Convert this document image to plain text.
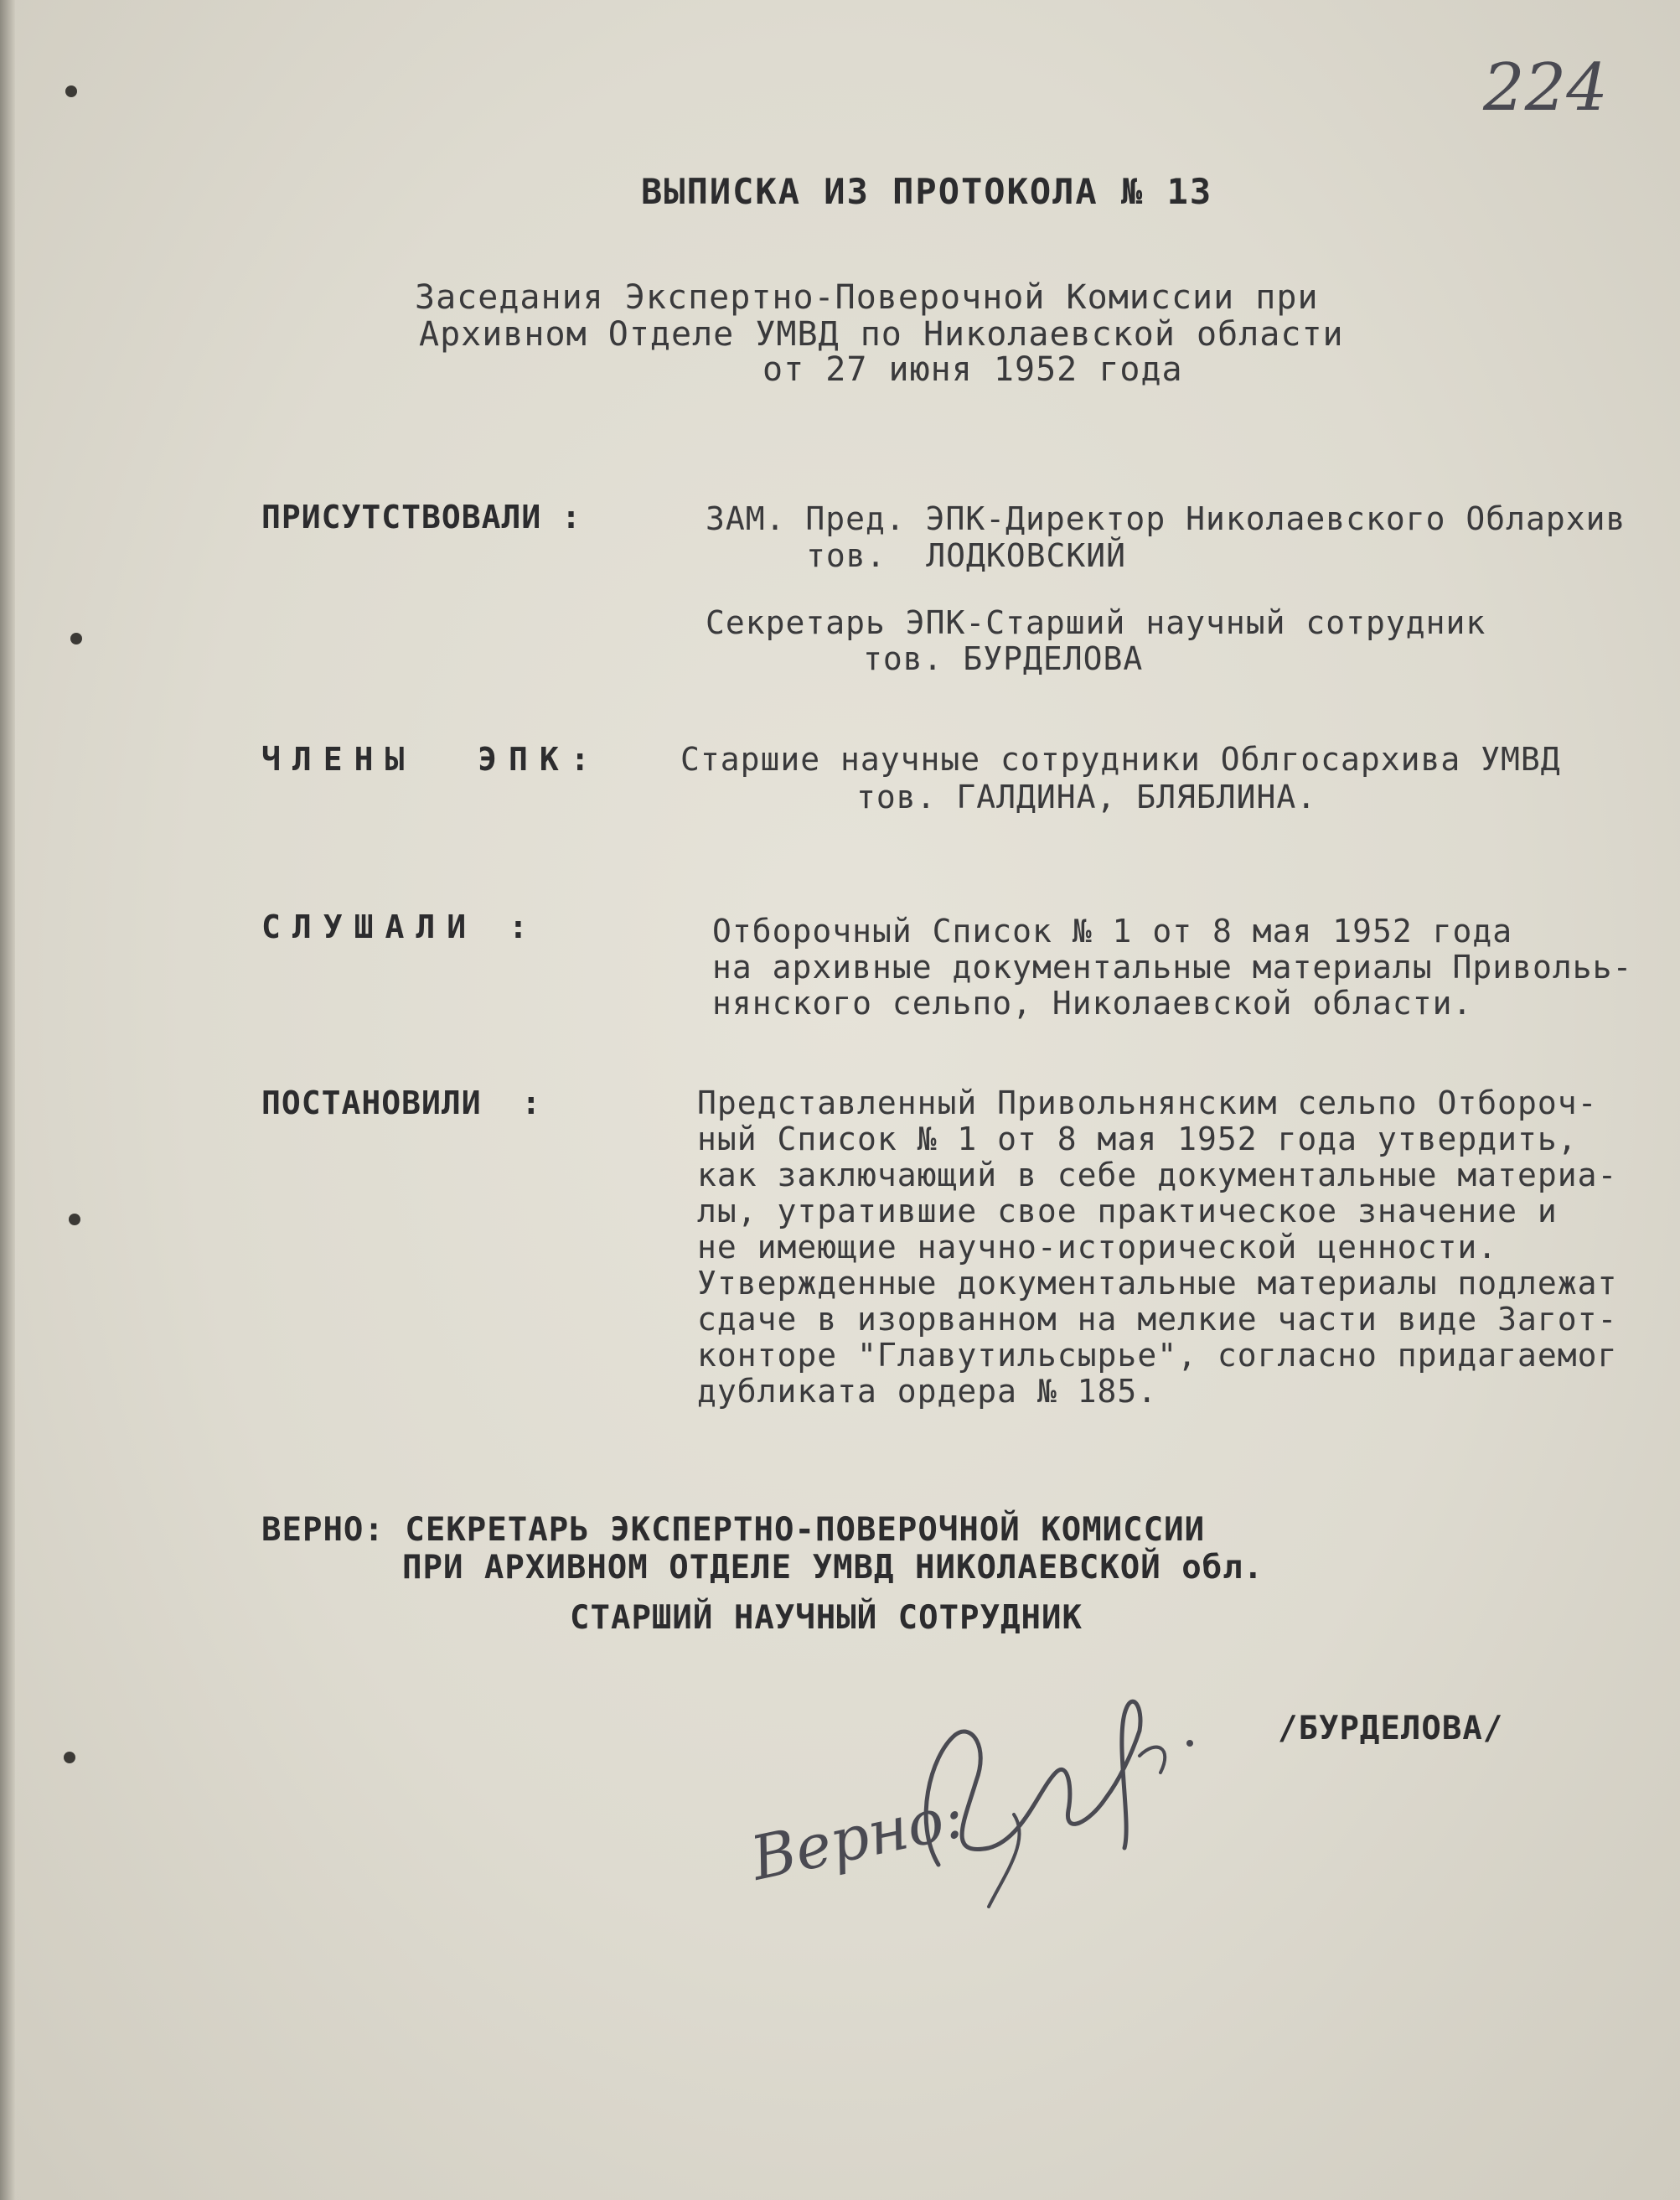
224
ВЫПИСКА ИЗ ПРОТОКОЛА № 13
Заседания Экспертно-Поверочной Комиссии при
Архивном Отделе УМВД по Николаевской области
от 27 июня 1952 года
ПРИСУТСТВОВАЛИ :	ЗАМ. Пред. ЭПК-Директор Николаевского Облархив
тов.  ЛОДКОВСКИЙ
Секретарь ЭПК-Старший научный сотрудник
тов. БУРДЕЛОВА
ЧЛЕНЫ  ЭПК: Старшие научные сотрудники Облгосархива УМВД
тов. ГАЛДИНА, БЛЯБЛИНА.
СЛУШАЛИ :	Отборочный Список № 1 от 8 мая 1952 года
на архивные документальные материалы Привольь-
нянского сельпо, Николаевской области.
ПОСТАНОВИЛИ  :	Представленный Привольнянским сельпо Отбороч-
ный Список № 1 от 8 мая 1952 года утвердить,
как заключающий в себе документальные материа-
лы, утратившие свое практическое значение и
не имеющие научно-исторической ценности.
Утвержденные документальные материалы подлежат
сдаче в изорванном на мелкие части виде Загот-
конторе "Главутильсырье", согласно придагаемог
дубликата ордера № 185.
ВЕРНО: СЕКРЕТАРЬ ЭКСПЕРТНО-ПОВЕРОЧНОЙ КОМИССИИ
ПРИ АРХИВНОМ ОТДЕЛЕ УМВД НИКОЛАЕВСКОЙ обл.
СТАРШИЙ НАУЧНЫЙ СОТРУДНИК
/БУРДЕЛОВА/
Верно:
